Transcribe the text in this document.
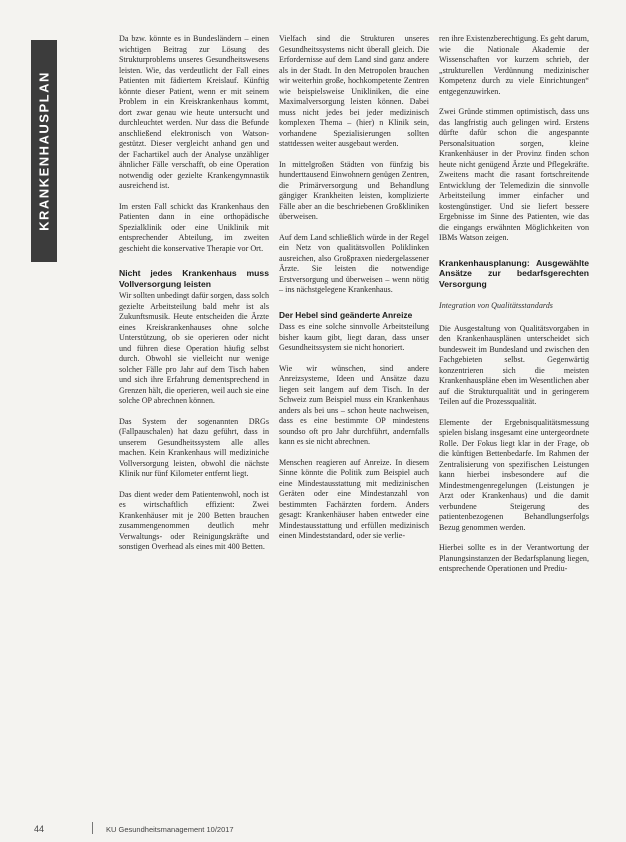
KRANKENHAUSPLAN

Da bzw. könnte es in Bundesländern – einen wichtigen Beitrag zur Lösung des Strukturproblems unseres Gesundheitswesens leisten. Wie, das verdeutlicht der Fall eines Patienten mit fädiertem Kreislauf. Künftig könnte dieser Patient, wenn er mit seinem Problem in ein Kreiskrankenhaus kommt, dort zwar genau wie heute untersucht und durchleuchtet werden. Nur dass die Befunde anschließend elektronisch von Watson-gestützt. Dieser vergleicht anhand gen und der Fachartikel auch der Analyse unzähliger ähnlicher Fälle verschafft, ob eine Operation notwendig oder gezielte Krankengymnastik ausreichend ist.

Im ersten Fall schickt das Krankenhaus den Patienten dann in eine orthopädische Spezialklinik oder eine Uniklinik mit entsprechender Abteilung, im zweiten geschieht die konservative Therapie vor Ort.

Nicht jedes Krankenhaus muss Vollversorgung leisten

Wir sollten unbedingt dafür sorgen, dass solch gezielte Arbeitsteilung bald mehr ist als Zukunftsmusik. Heute entscheiden die Ärzte eines Kreiskrankenhauses ohne solche Unterstützung, ob sie operieren oder nicht und führen diese Operation häufig selbst durch. Obwohl sie vielleicht nur wenige solcher Fälle pro Jahr auf dem Tisch haben und sich ihre Erfahrung dementsprechend in Grenzen hält, die operieren, weil auch sie eine solche OP abrechnen können.

Das System der sogenannten DRGs (Fallpauschalen) hat dazu geführt, dass in unserem Gesundheitssystem alle alles machen. Kein Krankenhaus will mediziniche Vollversorgung leisten, obwohl die nächste Klinik nur fünf Kilometer entfernt liegt.

Das dient weder dem Patientenwohl, noch ist es wirtschaftlich effizient: Zwei Krankenhäuser mit je 200 Betten brauchen zusammengenommen deutlich mehr Verwaltungs- oder Reinigungskräfte und sonstigen Overhead als eines mit 400 Betten.

Vielfach sind die Strukturen unseres Gesundheitssystems nicht überall gleich. Die Erfordernisse auf dem Land sind ganz andere als in der Stadt. In den Metropolen brauchen wir weiterhin große, hochkompetente Zentren wie beispielsweise Unikliniken, die eine Maximalversorgung leisten können. Dabei muss nicht jedes bei jeder medizinisch komplexen Thema – (hier) n Klinik sein, vorhandene Spezialisierungen sollten stattdessen weiter ausgebaut werden.

In mittelgroßen Städten von fünfzig bis hunderttausend Einwohnern genügen Zentren, die Primärversorgung und Behandlung gängiger Krankheiten leisten, komplizierte Fälle aber an die beschriebenen Großkliniken überweisen.

Auf dem Land schließlich würde in der Regel ein Netz von qualitätsvollen Poliklinken ausreichen, also Großpraxen niedergelassener Ärzte. Sie leisten die notwendige Erstversorgung und überweisen – wenn nötig – ins nächstgelegene Krankenhaus.

Der Hebel sind geänderte Anreize

Dass es eine solche sinnvolle Arbeitsteilung bisher kaum gibt, liegt daran, dass unser Gesundheitssystem sie nicht honoriert.

Wie wir wünschen, sind andere Anreizsysteme, Ideen und Ansätze dazu liegen seit langem auf dem Tisch. In der Schweiz zum Beispiel muss ein Krankenhaus anders als bei uns – schon heute nachweisen, dass es eine bestimmte OP mindestens soundso oft pro Jahr durchführt, andernfalls kann es sie nicht abrechnen.

Menschen reagieren auf Anreize. In diesem Sinne könnte die Politik zum Beispiel auch eine Mindestausstattung mit medizinischen Geräten oder eine Mindestanzahl von bestimmten Fachärzten fordern. Anders gesagt: Krankenhäuser haben entweder eine Mindestausstattung und erfüllen medizinisch einen Mindeststandard, oder sie verlie-

ren ihre Existenzberechtigung. Es geht darum, wie die Nationale Akademie der Wissenschaften vor kurzem schrieb, der „strukturellen Verdünnung medizinischer Kompetenz durch zu viele Einrichtungen“ entgegenzuwirken.

Zwei Gründe stimmen optimistisch, dass uns das langfristig auch gelingen wird. Erstens dürfte dafür schon die angespannte Personalsituation sorgen, kleine Krankenhäuser in der Provinz finden schon heute nicht genügend Ärzte und Pflegekräfte. Zweitens macht die rasant fortschreitende Entwicklung der Telemedizin die sinnvolle Arbeitsteilung immer einfacher und kostengünstiger. Und sie liefert bessere Ergebnisse im Sinne des Patienten, wie das die eingangs erwähnten Möglichkeiten von IBMs Watson zeigen.

Krankenhausplanung: Ausgewählte Ansätze zur bedarfsgerechten Versorgung
Integration von Qualitätsstandards

Die Ausgestaltung von Qualitätsvorgaben in den Krankenhausplänen unterscheidet sich bundesweit im Bundesland und zwischen den Fachgebieten selbst. Gegenwärtig konzentrieren sich die meisten Krankenhauspläne eben im Wesentlichen aber auf die Strukturqualität und in geringerem Teilen auf die Prozessqualität.

Elemente der Ergebnisqualitätsmessung spielen bislang insgesamt eine untergeordnete Rolle. Der Fokus liegt klar in der Frage, ob die künftigen Bettenbedarfe. Im Rahmen der Zentralisierung von spezifischen Leistungen kann hierbei insbesondere auf die Mindestmengenregelungen (Leistungen je Arzt oder Krankenhaus) und die damit verbundene Steigerung des patientenbezogenen Behandlungserfolgs Bezug genommen werden.

Hierbei sollte es in der Verantwortung der Planungsinstanzen der Bedarfsplanung liegen, entsprechende Operationen und Prediu-

44	KU Gesundheitsmanagement 10/2017
